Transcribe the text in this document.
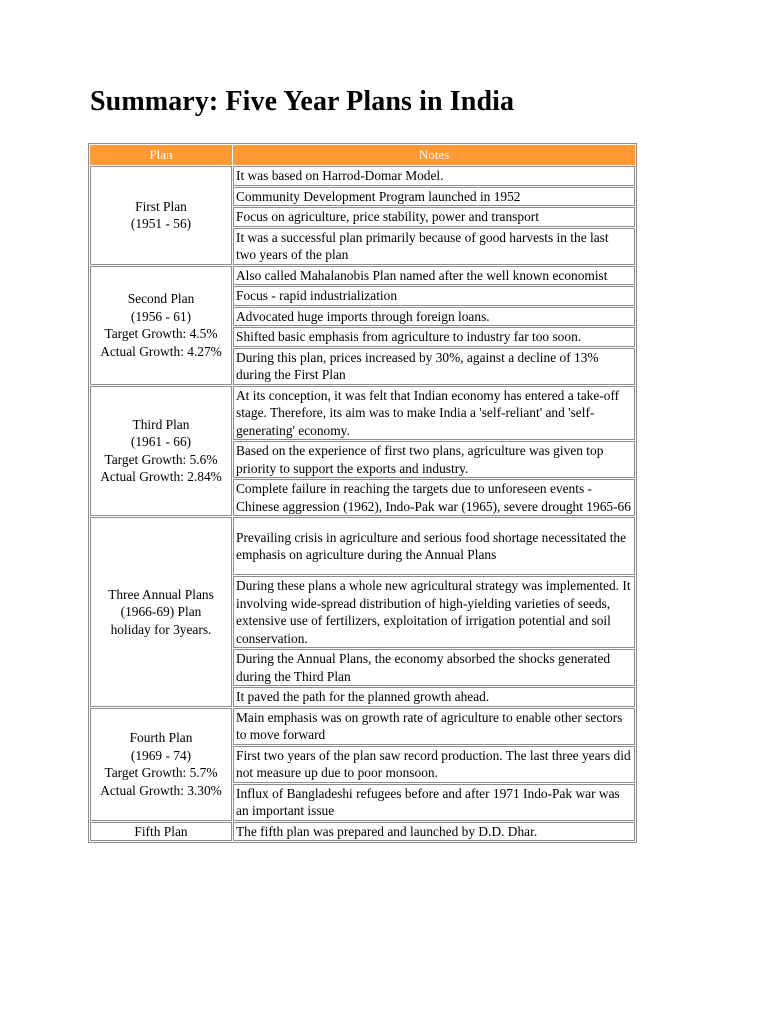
Summary: Five Year Plans in India
Plan	Notes

First Plan
(1951 - 56)	It was based on Harrod-Domar Model.
	Community Development Program launched in 1952
	Focus on agriculture, price stability, power and transport
	It was a successful plan primarily because of good harvests in the last two years of the plan

Second Plan
(1956 - 61)
Target Growth: 4.5%
Actual Growth: 4.27%	Also called Mahalanobis Plan named after the well known economist
	Focus - rapid industrialization
	Advocated huge imports through foreign loans.
	Shifted basic emphasis from agriculture to industry far too soon.
	During this plan, prices increased by 30%, against a decline of 13% during the First Plan

Third Plan
(1961 - 66)
Target Growth: 5.6%
Actual Growth: 2.84%	At its conception, it was felt that Indian economy has entered a take-off stage. Therefore, its aim was to make India a 'self-reliant' and 'self-generating' economy.
	Based on the experience of first two plans, agriculture was given top priority to support the exports and industry.
	Complete failure in reaching the targets due to unforeseen events - Chinese aggression (1962), Indo-Pak war (1965), severe drought 1965-66

Three Annual Plans
(1966-69) Plan
holiday for 3years.	Prevailing crisis in agriculture and serious food shortage necessitated the emphasis on agriculture during the Annual Plans
	During these plans a whole new agricultural strategy was implemented. It involving wide-spread distribution of high-yielding varieties of seeds, extensive use of fertilizers, exploitation of irrigation potential and soil conservation.
	During the Annual Plans, the economy absorbed the shocks generated during the Third Plan
	It paved the path for the planned growth ahead.

Fourth Plan
(1969 - 74)
Target Growth: 5.7%
Actual Growth: 3.30%	Main emphasis was on growth rate of agriculture to enable other sectors to move forward
	First two years of the plan saw record production. The last three years did not measure up due to poor monsoon.
	Influx of Bangladeshi refugees before and after 1971 Indo-Pak war was an important issue

Fifth Plan	The fifth plan was prepared and launched by D.D. Dhar.
